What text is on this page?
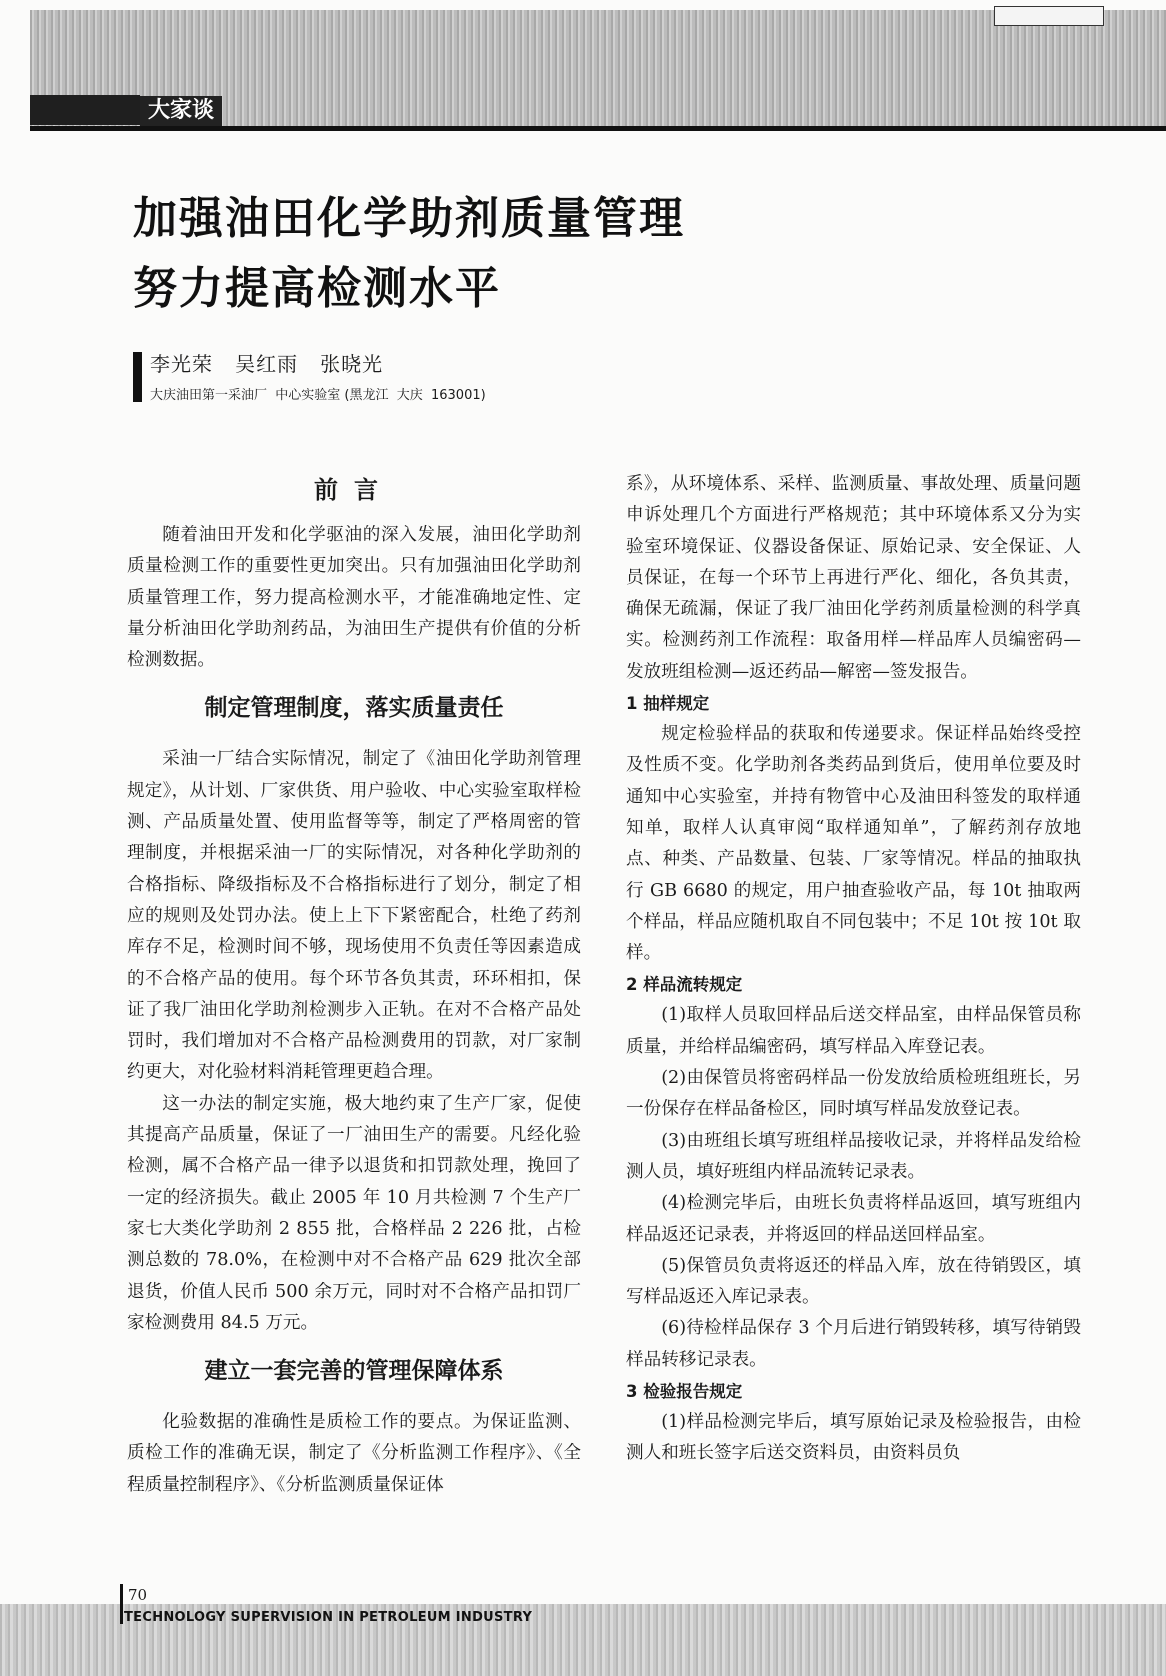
大家谈
加强油田化学助剂质量管理
努力提高检测水平
李光荣   吴红雨   张晓光
大庆油田第一采油厂  中心实验室 (黑龙江  大庆  163001)
前言

随着油田开发和化学驱油的深入发展，油田化学助剂质量检测工作的重要性更加突出。只有加强油田化学助剂质量管理工作，努力提高检测水平，才能准确地定性、定量分析油田化学助剂药品，为油田生产提供有价值的分析检测数据。

制定管理制度，落实质量责任

采油一厂结合实际情况，制定了《油田化学助剂管理规定》，从计划、厂家供货、用户验收、中心实验室取样检测、产品质量处置、使用监督等等，制定了严格周密的管理制度，并根据采油一厂的实际情况，对各种化学助剂的合格指标、降级指标及不合格指标进行了划分，制定了相应的规则及处罚办法。使上上下下紧密配合，杜绝了药剂库存不足，检测时间不够，现场使用不负责任等因素造成的不合格产品的使用。每个环节各负其责，环环相扣，保证了我厂油田化学助剂检测步入正轨。在对不合格产品处罚时，我们增加对不合格产品检测费用的罚款，对厂家制约更大，对化验材料消耗管理更趋合理。

这一办法的制定实施，极大地约束了生产厂家，促使其提高产品质量，保证了一厂油田生产的需要。凡经化验检测，属不合格产品一律予以退货和扣罚款处理，挽回了一定的经济损失。截止 2005 年 10 月共检测 7 个生产厂家七大类化学助剂 2 855 批，合格样品 2 226 批，占检测总数的 78.0%，在检测中对不合格产品 629 批次全部退货，价值人民币 500 余万元，同时对不合格产品扣罚厂家检测费用 84.5 万元。

建立一套完善的管理保障体系

化验数据的准确性是质检工作的要点。为保证监测、质检工作的准确无误，制定了《分析监测工作程序》、《全程质量控制程序》、《分析监测质量保证体

系》，从环境体系、采样、监测质量、事故处理、质量问题申诉处理几个方面进行严格规范；其中环境体系又分为实验室环境保证、仪器设备保证、原始记录、安全保证、人员保证，在每一个环节上再进行严化、细化，各负其责，确保无疏漏，保证了我厂油田化学药剂质量检测的科学真实。检测药剂工作流程：取备用样—样品库人员编密码—发放班组检测—返还药品—解密—签发报告。

1 抽样规定

规定检验样品的获取和传递要求。保证样品始终受控及性质不变。化学助剂各类药品到货后，使用单位要及时通知中心实验室，并持有物管中心及油田科签发的取样通知单，取样人认真审阅“取样通知单”，了解药剂存放地点、种类、产品数量、包装、厂家等情况。样品的抽取执行 GB 6680 的规定，用户抽查验收产品，每 10t 抽取两个样品，样品应随机取自不同包装中；不足 10t 按 10t 取样。

2 样品流转规定

(1)取样人员取回样品后送交样品室，由样品保管员称质量，并给样品编密码，填写样品入库登记表。

(2)由保管员将密码样品一份发放给质检班组班长，另一份保存在样品备检区，同时填写样品发放登记表。

(3)由班组长填写班组样品接收记录，并将样品发给检测人员，填好班组内样品流转记录表。

(4)检测完毕后，由班长负责将样品返回，填写班组内样品返还记录表，并将返回的样品送回样品室。

(5)保管员负责将返还的样品入库，放在待销毁区，填写样品返还入库记录表。

(6)待检样品保存 3 个月后进行销毁转移，填写待销毁样品转移记录表。

3 检验报告规定

(1)样品检测完毕后，填写原始记录及检验报告，由检测人和班长签字后送交资料员，由资料员负

70
TECHNOLOGY SUPERVISION IN PETROLEUM INDUSTRY
